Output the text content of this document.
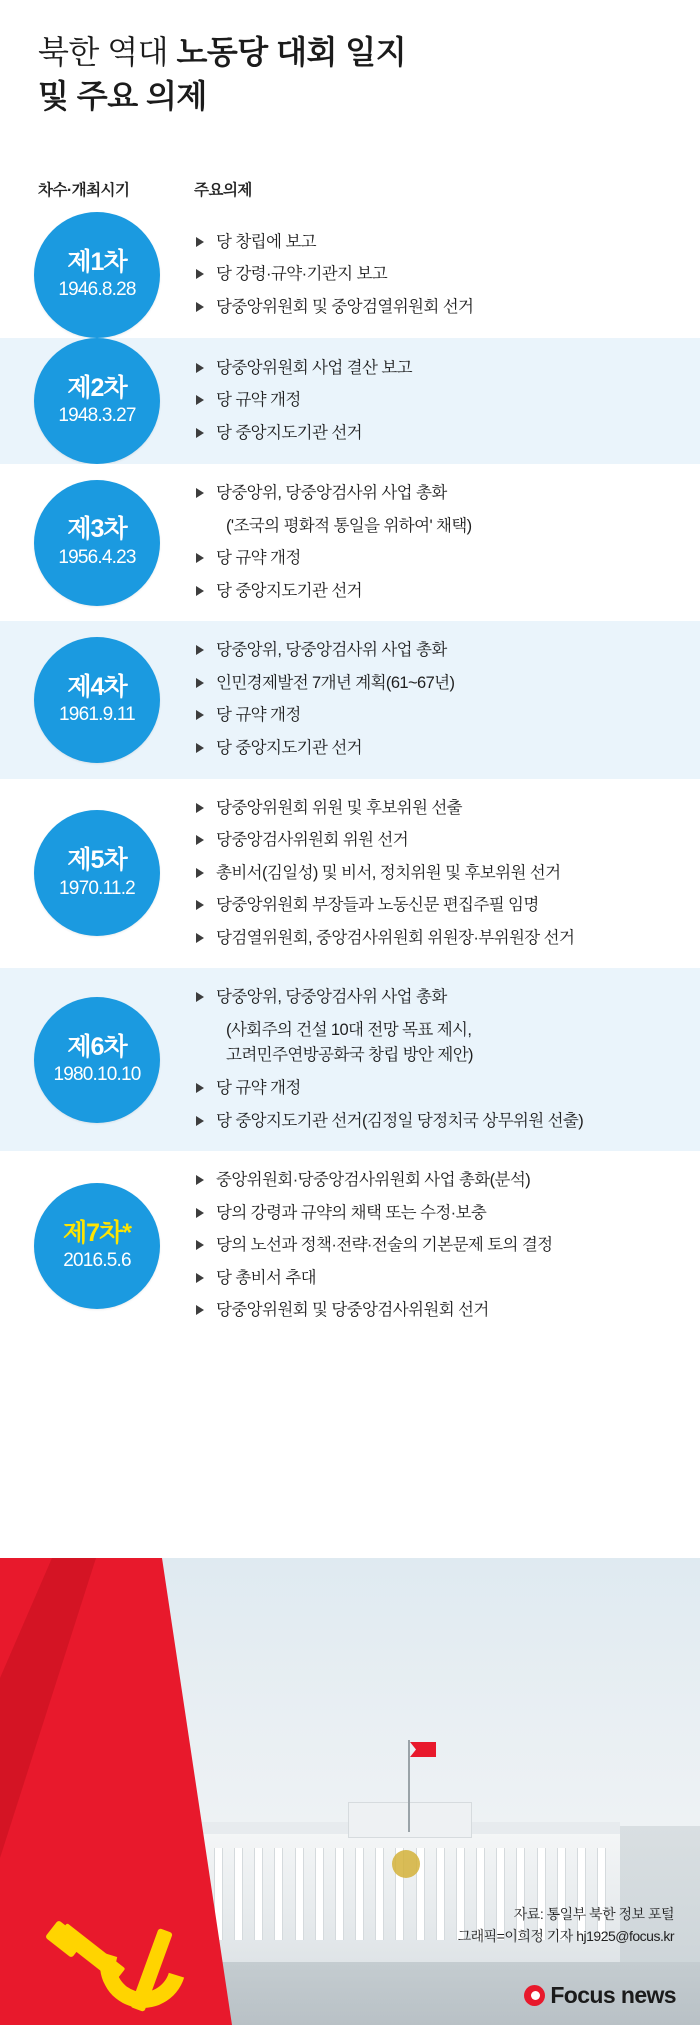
북한 역대 노동당 대회 일지
및 주요 의제
차수·개최시기	주요의제
제1차
1946.8.28
당 창립에 보고
당 강령·규약·기관지 보고
당중앙위원회 및 중앙검열위원회 선거
제2차
1948.3.27
당중앙위원회 사업 결산 보고
당 규약 개정
당 중앙지도기관 선거
제3차
1956.4.23
당중앙위, 당중앙검사위 사업 총화
('조국의 평화적 통일을 위하여' 채택)
당 규약 개정
당 중앙지도기관 선거
제4차
1961.9.11
당중앙위, 당중앙검사위 사업 총화
인민경제발전 7개년 계획(61~67년)
당 규약 개정
당 중앙지도기관 선거
제5차
1970.11.2
당중앙위원회 위원 및 후보위원 선출
당중앙검사위원회 위원 선거
총비서(김일성) 및 비서, 정치위원 및 후보위원 선거
당중앙위원회 부장들과 노동신문 편집주필 임명
당검열위원회, 중앙검사위원회 위원장·부위원장 선거
제6차
1980.10.10
당중앙위, 당중앙검사위 사업 총화
(사회주의 건설 10대 전망 목표 제시,
고려민주연방공화국 창립 방안 제안)
당 규약 개정
당 중앙지도기관 선거(김정일 당정치국 상무위원 선출)
제7차*
2016.5.6
중앙위원회·당중앙검사위원회 사업 총화(분석)
당의 강령과 규약의 채택 또는 수정·보충
당의 노선과 정책·전략·전술의 기본문제 토의 결정
당 총비서 추대
당중앙위원회 및 당중앙검사위원회 선거
자료: 통일부 북한 정보 포털
그래픽=이희정 기자 hj1925@focus.kr
Focus news
